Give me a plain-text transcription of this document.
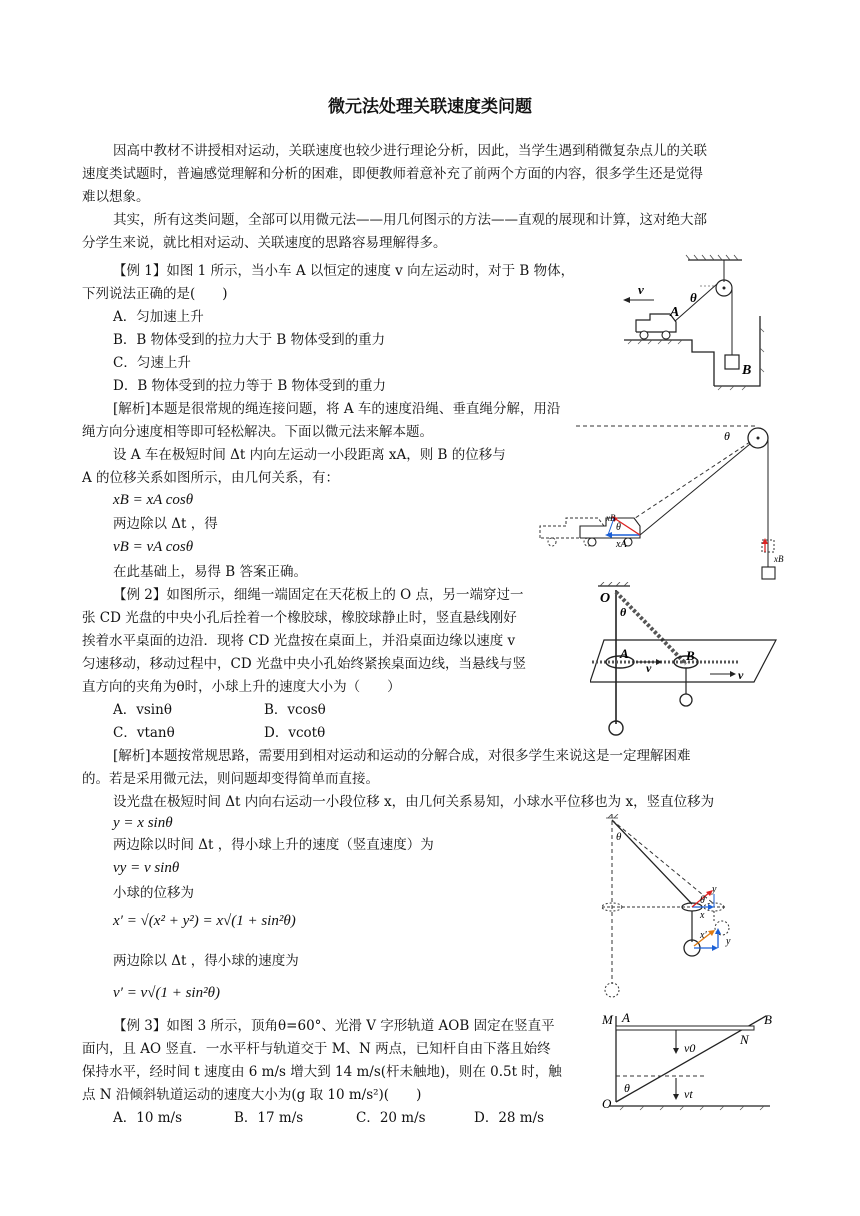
微元法处理关联速度类问题
因高中教材不讲授相对运动，关联速度也较少进行理论分析，因此，当学生遇到稍微复杂点儿的关联
速度类试题时，普遍感觉理解和分析的困难，即便教师着意补充了前两个方面的内容，很多学生还是觉得
难以想象。
其实，所有这类问题，全部可以用微元法——用几何图示的方法——直观的展现和计算，这对绝大部
分学生来说，就比相对运动、关联速度的思路容易理解得多。
【例 1】如图 1 所示，当小车 A 以恒定的速度 v 向左运动时，对于 B 物体，
下列说法正确的是(　　)
A．匀加速上升
B．B 物体受到的拉力大于 B 物体受到的重力
C．匀速上升
D．B 物体受到的拉力等于 B 物体受到的重力
[解析]本题是很常规的绳连接问题，将 A 车的速度沿绳、垂直绳分解，用沿
绳方向分速度相等即可轻松解决。下面以微元法来解本题。
设 A 车在极短时间 Δt 内向左运动一小段距离 xA，则 B 的位移与
A 的位移关系如图所示，由几何关系，有：
xB = xA cosθ
两边除以 Δt ，得
vB = vA cosθ
在此基础上，易得 B 答案正确。
【例 2】如图所示，细绳一端固定在天花板上的 O 点，另一端穿过一
张 CD 光盘的中央小孔后拴着一个橡胶球，橡胶球静止时，竖直悬线刚好
挨着水平桌面的边沿．现将 CD 光盘按在桌面上，并沿桌面边缘以速度 v
匀速移动，移动过程中，CD 光盘中央小孔始终紧挨桌面边线，当悬线与竖
直方向的夹角为θ时，小球上升的速度大小为（　　）
A．vsinθ	B．vcosθ
C．vtanθ	D．vcotθ
[解析]本题按常规思路，需要用到相对运动和运动的分解合成，对很多学生来说这是一定理解困难
的。若是采用微元法，则问题却变得简单而直接。
设光盘在极短时间 Δt 内向右运动一小段位移 x，由几何关系易知，小球水平位移也为 x，竖直位移为
y = x sinθ
两边除以时间 Δt ，得小球上升的速度（竖直速度）为
vy = v sinθ
小球的位移为
x′ = √(x² + y²) = x√(1 + sin²θ)
两边除以 Δt ，得小球的速度为
v′ = v√(1 + sin²θ)
【例 3】如图 3 所示，顶角θ=60°、光滑 V 字形轨道 AOB 固定在竖直平
面内，且 AO 竖直．一水平杆与轨道交于 M、N 两点，已知杆自由下落且始终
保持水平，经时间 t 速度由 6 m/s 增大到 14 m/s(杆未触地)，则在 0.5t 时，触
点 N 沿倾斜轨道运动的速度大小为(g 取 10 m/s²)(　　)
A．10 m/s	B．17 m/s	C．20 m/s	D．28 m/s
B
θ
A
v
θ
xB
xB
θ
xA
O
θ
A	B
v	v
θ
y
θ
x
x'
y
M A	B
N
v0
vt
θ
O
